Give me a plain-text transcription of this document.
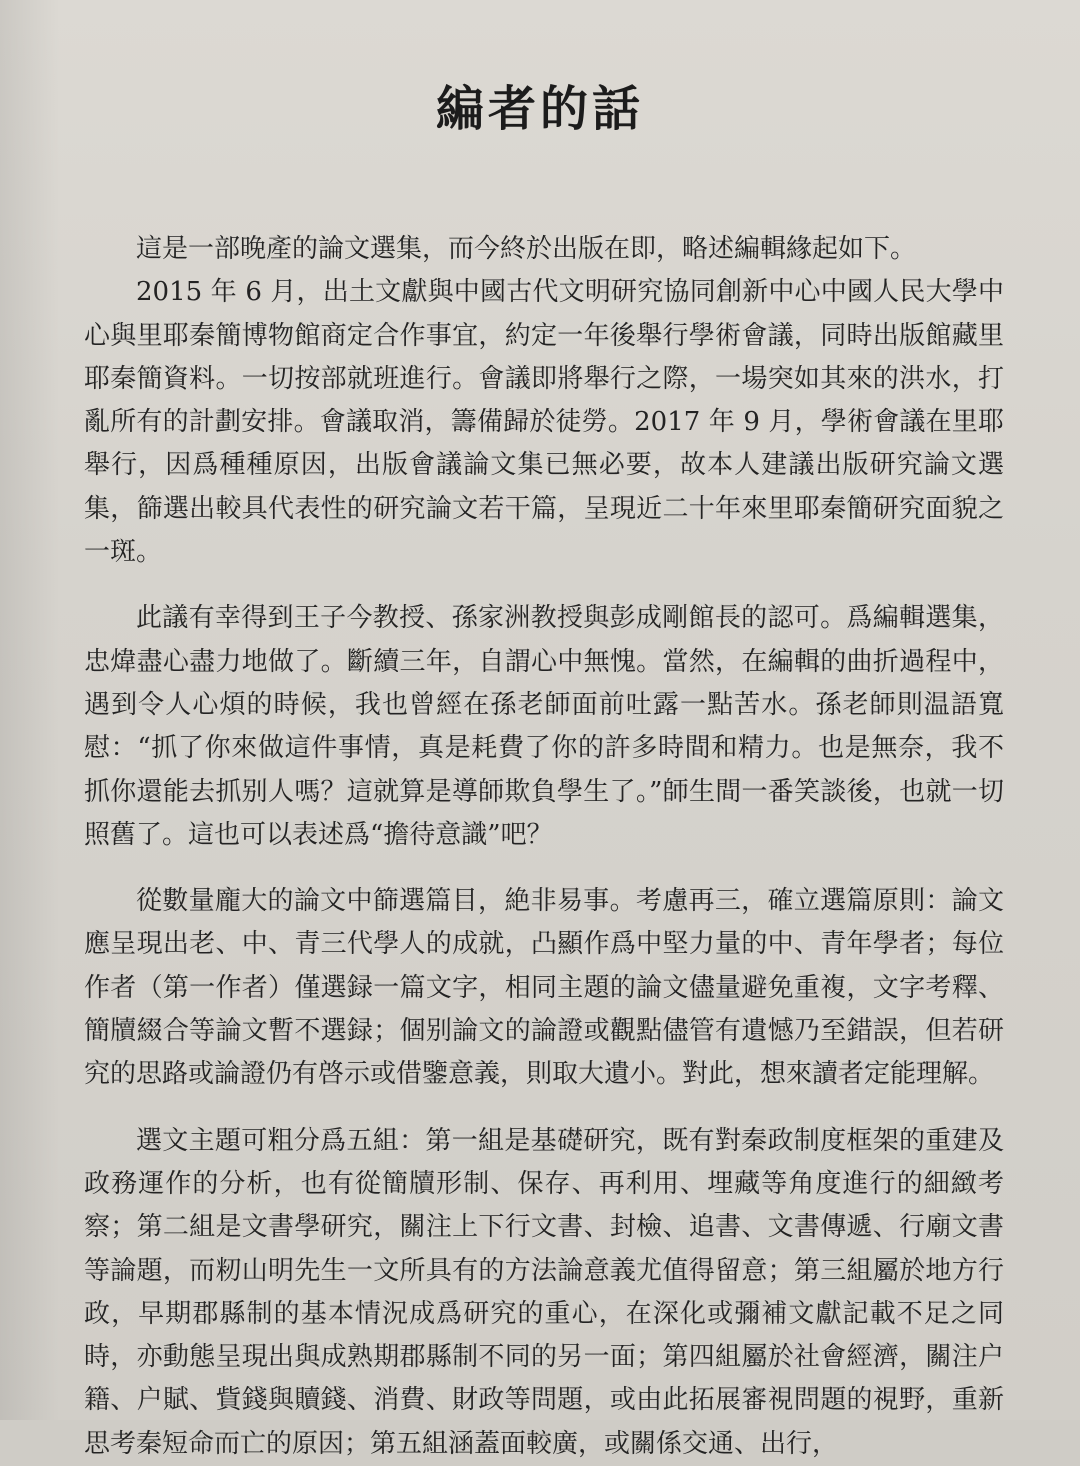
編者的話

這是一部晚產的論文選集，而今終於出版在即，略述編輯緣起如下。

2015 年 6 月，出土文獻與中國古代文明研究協同創新中心中國人民大學中心與里耶秦簡博物館商定合作事宜，約定一年後舉行學術會議，同時出版館藏里耶秦簡資料。一切按部就班進行。會議即將舉行之際，一場突如其來的洪水，打亂所有的計劃安排。會議取消，籌備歸於徒勞。2017 年 9 月，學術會議在里耶舉行，因爲種種原因，出版會議論文集已無必要，故本人建議出版研究論文選集，篩選出較具代表性的研究論文若干篇，呈現近二十年來里耶秦簡研究面貌之一斑。

此議有幸得到王子今教授、孫家洲教授與彭成剛館長的認可。爲編輯選集，忠煒盡心盡力地做了。斷續三年，自謂心中無愧。當然，在編輯的曲折過程中，遇到令人心煩的時候，我也曾經在孫老師面前吐露一點苦水。孫老師則温語寬慰：“抓了你來做這件事情，真是耗費了你的許多時間和精力。也是無奈，我不抓你還能去抓别人嗎？這就算是導師欺負學生了。”師生間一番笑談後，也就一切照舊了。這也可以表述爲“擔待意識”吧？

從數量龐大的論文中篩選篇目，絶非易事。考慮再三，確立選篇原則：論文應呈現出老、中、青三代學人的成就，凸顯作爲中堅力量的中、青年學者；每位作者（第一作者）僅選録一篇文字，相同主題的論文儘量避免重複，文字考釋、簡牘綴合等論文暫不選録；個别論文的論證或觀點儘管有遺憾乃至錯誤，但若研究的思路或論證仍有啓示或借鑒意義，則取大遺小。對此，想來讀者定能理解。

選文主題可粗分爲五組：第一組是基礎研究，既有對秦政制度框架的重建及政務運作的分析，也有從簡牘形制、保存、再利用、埋藏等角度進行的細緻考察；第二組是文書學研究，關注上下行文書、封檢、追書、文書傳遞、行廟文書等論題，而籾山明先生一文所具有的方法論意義尤值得留意；第三組屬於地方行政，早期郡縣制的基本情況成爲研究的重心，在深化或彌補文獻記載不足之同時，亦動態呈現出與成熟期郡縣制不同的另一面；第四組屬於社會經濟，關注户籍、户賦、貲錢與贖錢、消費、財政等問題，或由此拓展審視問題的視野，重新思考秦短命而亡的原因；第五組涵蓋面較廣，或關係交通、出行，
